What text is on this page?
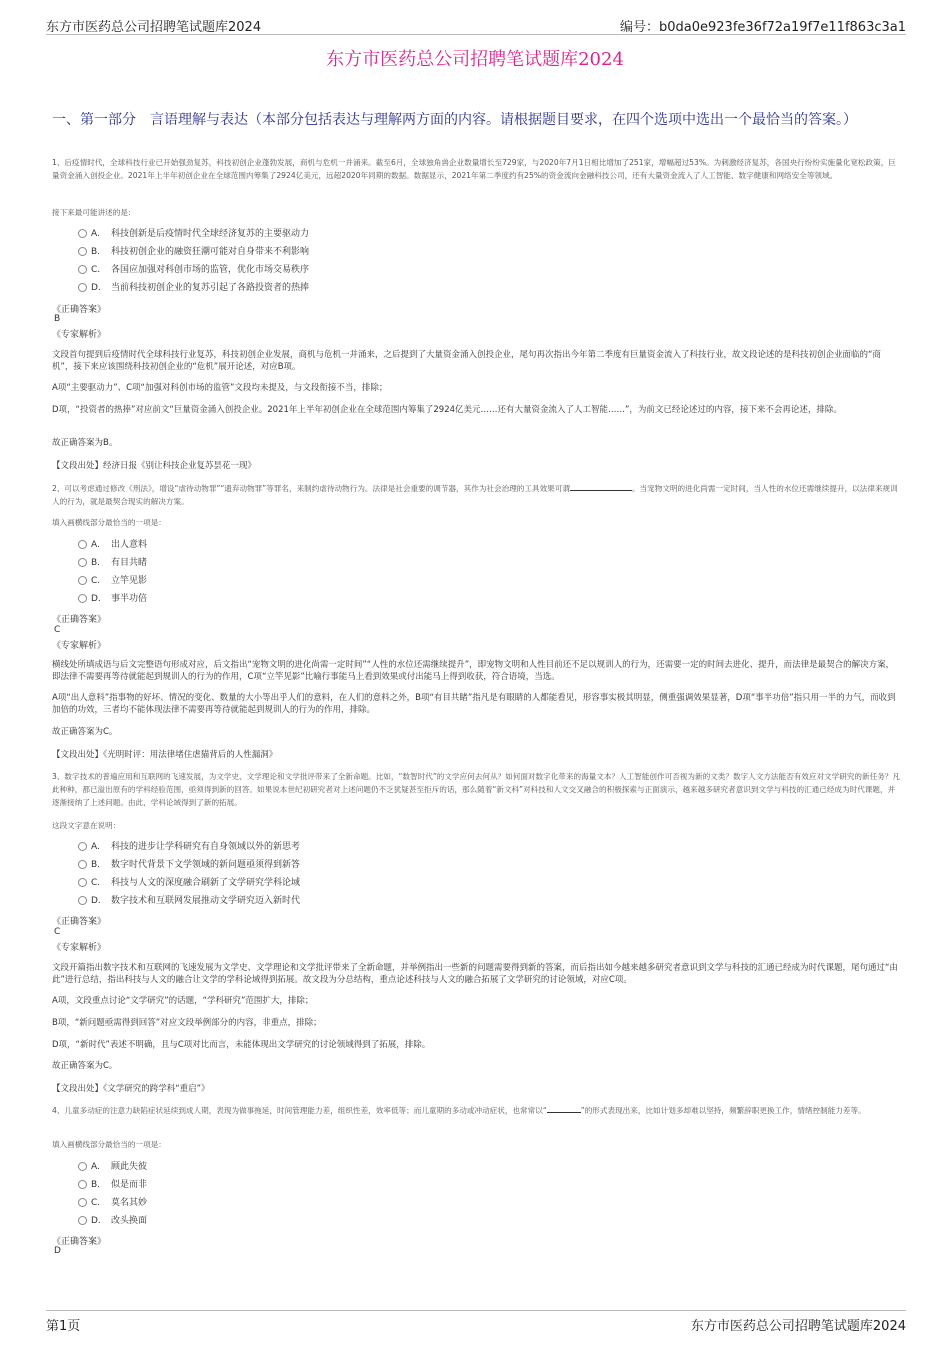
东方市医药总公司招聘笔试题库2024	编号：b0da0e923fe36f72a19f7e11f863c3a1
东方市医药总公司招聘笔试题库2024
一、第一部分　言语理解与表达（本部分包括表达与理解两方面的内容。请根据题目要求，在四个选项中选出一个最恰当的答案。）
1、后疫情时代，全球科技行业已开始强劲复苏，科技初创企业蓬勃发展，商机与危机一并涌来。截至6月，全球独角兽企业数量增长至729家，与2020年7月1日相比增加了251家，增幅超过53%。为刺激经济复苏，各国央行纷纷实施量化宽松政策，巨量资金涌入创投企业。2021年上半年初创企业在全球范围内筹集了2924亿美元，远超2020年同期的数据。数据显示，2021年第二季度约有25%的资金流向金融科技公司，还有大量资金流入了人工智能、数字健康和网络安全等领域。
接下来最可能讲述的是：
A. 科技创新是后疫情时代全球经济复苏的主要驱动力
B. 科技初创企业的融资狂潮可能对自身带来不利影响
C. 各国应加强对科创市场的监管，优化市场交易秩序
D. 当前科技初创企业的复苏引起了各路投资者的热捧
《正确答案》
B
《专家解析》
文段首句提到后疫情时代全球科技行业复苏，科技初创企业发展，商机与危机一并涌来，之后提到了大量资金涌入创投企业，尾句再次指出今年第二季度有巨量资金流入了科技行业，故文段论述的是科技初创企业面临的“商机”，接下来应该围绕科技初创企业的“危机”展开论述，对应B项。
A项“主要驱动力”、C项“加强对科创市场的监管”文段均未提及，与文段衔接不当，排除；
D项，“投资者的热捧”对应前文“巨量资金涌入创投企业。2021年上半年初创企业在全球范围内筹集了2924亿美元……还有大量资金流入了人工智能……”，为前文已经论述过的内容，接下来不会再论述，排除。
故正确答案为B。
【文段出处】经济日报《别让科技企业复苏昙花一现》
2、可以考虑通过修改《刑法》，增设“虐待动物罪”“遗弃动物罪”等罪名，来制约虐待动物行为。法律是社会重要的调节器，其作为社会治理的工具效果可谓	。当宠物文明的进化尚需一定时间，当人性的水位还需继续提升，以法律来规训人的行为，就是最契合现实的解决方案。
填入画横线部分最恰当的一项是：
A. 出人意料
B. 有目共睹
C. 立竿见影
D. 事半功倍
《正确答案》
C
《专家解析》
横线处所填成语与后文完整语句形成对应，后文指出“宠物文明的进化尚需一定时间”“人性的水位还需继续提升”，即宠物文明和人性目前还不足以规训人的行为，还需要一定的时间去进化、提升，而法律是最契合的解决方案，即法律不需要再等待就能起到规训人的行为的作用，C项“立竿见影”比喻行事能马上看到效果或付出能马上得到收获，符合语境，当选。
A项“出人意料”指事物的好坏、情况的变化、数量的大小等出乎人们的意料，在人们的意料之外，B项“有目共睹”指凡是有眼睛的人都能看见，形容事实极其明显，侧重强调效果显著，D项“事半功倍”指只用一半的力气，而收到加倍的功效，三者均不能体现法律不需要再等待就能起到规训人的行为的作用，排除。
故正确答案为C。
【文段出处】《光明时评：用法律堵住虐猫背后的人性漏洞》
3、数字技术的普遍应用和互联网的飞速发展，为文学史、文学理论和文学批评带来了全新命题。比如，“数智时代”的文学应何去何从？如何面对数字化带来的海量文本？人工智能创作可否视为新的文类？数字人文方法能否有效应对文学研究的新任务？凡此种种，都已溢出原有的学科经验范围，亟须得到新的回答。如果说本世纪初研究者对上述问题仍不乏犹疑甚至拒斥的话，那么随着“新文科”对科技和人文交叉融合的积极探索与正面演示，越来越多研究者意识到文学与科技的汇通已经成为时代课题，并逐渐接纳了上述问题。由此，学科论域得到了新的拓展。
这段文字意在说明：
A. 科技的进步让学科研究有自身领域以外的新思考
B. 数字时代背景下文学领域的新问题亟须得到新答
C. 科技与人文的深度融合刷新了文学研究学科论域
D. 数字技术和互联网发展推动文学研究迈入新时代
《正确答案》
C
《专家解析》
文段开篇指出数字技术和互联网的飞速发展为文学史、文学理论和文学批评带来了全新命题，并举例指出一些新的问题需要得到新的答案，而后指出如今越来越多研究者意识到文学与科技的汇通已经成为时代课题，尾句通过“由此”进行总结，指出科技与人文的融合让文学的学科论域得到拓展。故文段为分总结构，重点论述科技与人文的融合拓展了文学研究的讨论领域，对应C项。
A项，文段重点讨论“文学研究”的话题，“学科研究”范围扩大，排除；
B项，“新问题亟需得到回答”对应文段举例部分的内容，非重点，排除；
D项，“新时代”表述不明确，且与C项对比而言，未能体现出文学研究的讨论领域得到了拓展，排除。
故正确答案为C。
【文段出处】《文学研究的跨学科“重启”》
4、儿童多动症的注意力缺陷症状延续到成人期，表现为做事拖延，时间管理能力差，组织性差，效率低等；而儿童期的多动或冲动症状，也常常以“	”的形式表现出来，比如计划多却难以坚持，频繁辞职更换工作，情绪控制能力差等。
填入画横线部分最恰当的一项是：
A. 顾此失彼
B. 似是而非
C. 莫名其妙
D. 改头换面
《正确答案》
D
第1页	东方市医药总公司招聘笔试题库2024
